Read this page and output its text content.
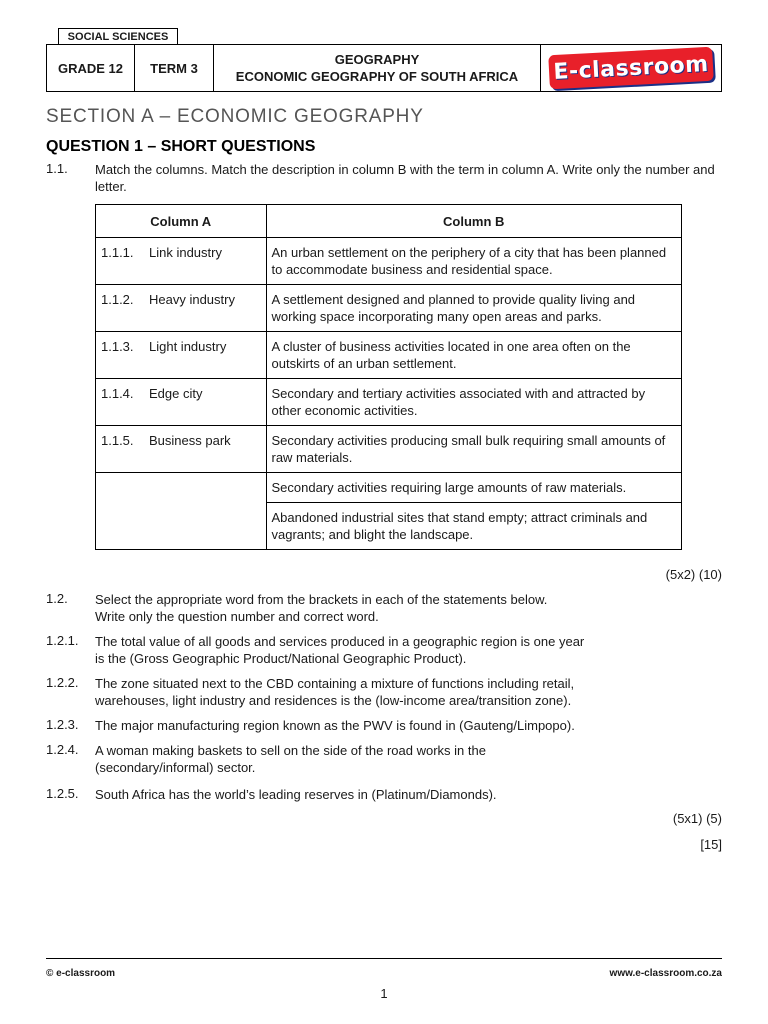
SOCIAL SCIENCES
GRADE 12	TERM 3
GEOGRAPHY
ECONOMIC GEOGRAPHY OF SOUTH AFRICA E-classroom
SECTION A – ECONOMIC GEOGRAPHY
QUESTION 1 – SHORT QUESTIONS
1.1. Match the columns. Match the description in column B with the term in column A. Write only the number and letter.
Column A	Column B
1.1.1. Link industry	An urban settlement on the periphery of a city that has been planned to accommodate business and residential space.
1.1.2. Heavy industry	A settlement designed and planned to provide quality living and working space incorporating many open areas and parks.
1.1.3. Light industry	A cluster of business activities located in one area often on the outskirts of an urban settlement.
1.1.4. Edge city	Secondary and tertiary activities associated with and attracted by other economic activities.
1.1.5. Business park	Secondary activities producing small bulk requiring small amounts of raw materials.
	Secondary activities requiring large amounts of raw materials.
	Abandoned industrial sites that stand empty; attract criminals and vagrants; and blight the landscape.
(5x2) (10)
1.2. Select the appropriate word from the brackets in each of the statements below.
Write only the question number and correct word.
1.2.1. The total value of all goods and services produced in a geographic region is one year
is the (Gross Geographic Product/National Geographic Product).
1.2.2. The zone situated next to the CBD containing a mixture of functions including retail,
warehouses, light industry and residences is the (low-income area/transition zone).
1.2.3. The major manufacturing region known as the PWV is found in (Gauteng/Limpopo).
1.2.4. A woman making baskets to sell on the side of the road works in the
(secondary/informal) sector.
1.2.5. South Africa has the world’s leading reserves in (Platinum/Diamonds).
(5x1) (5)
[15]
© e-classroom	www.e-classroom.co.za
1
